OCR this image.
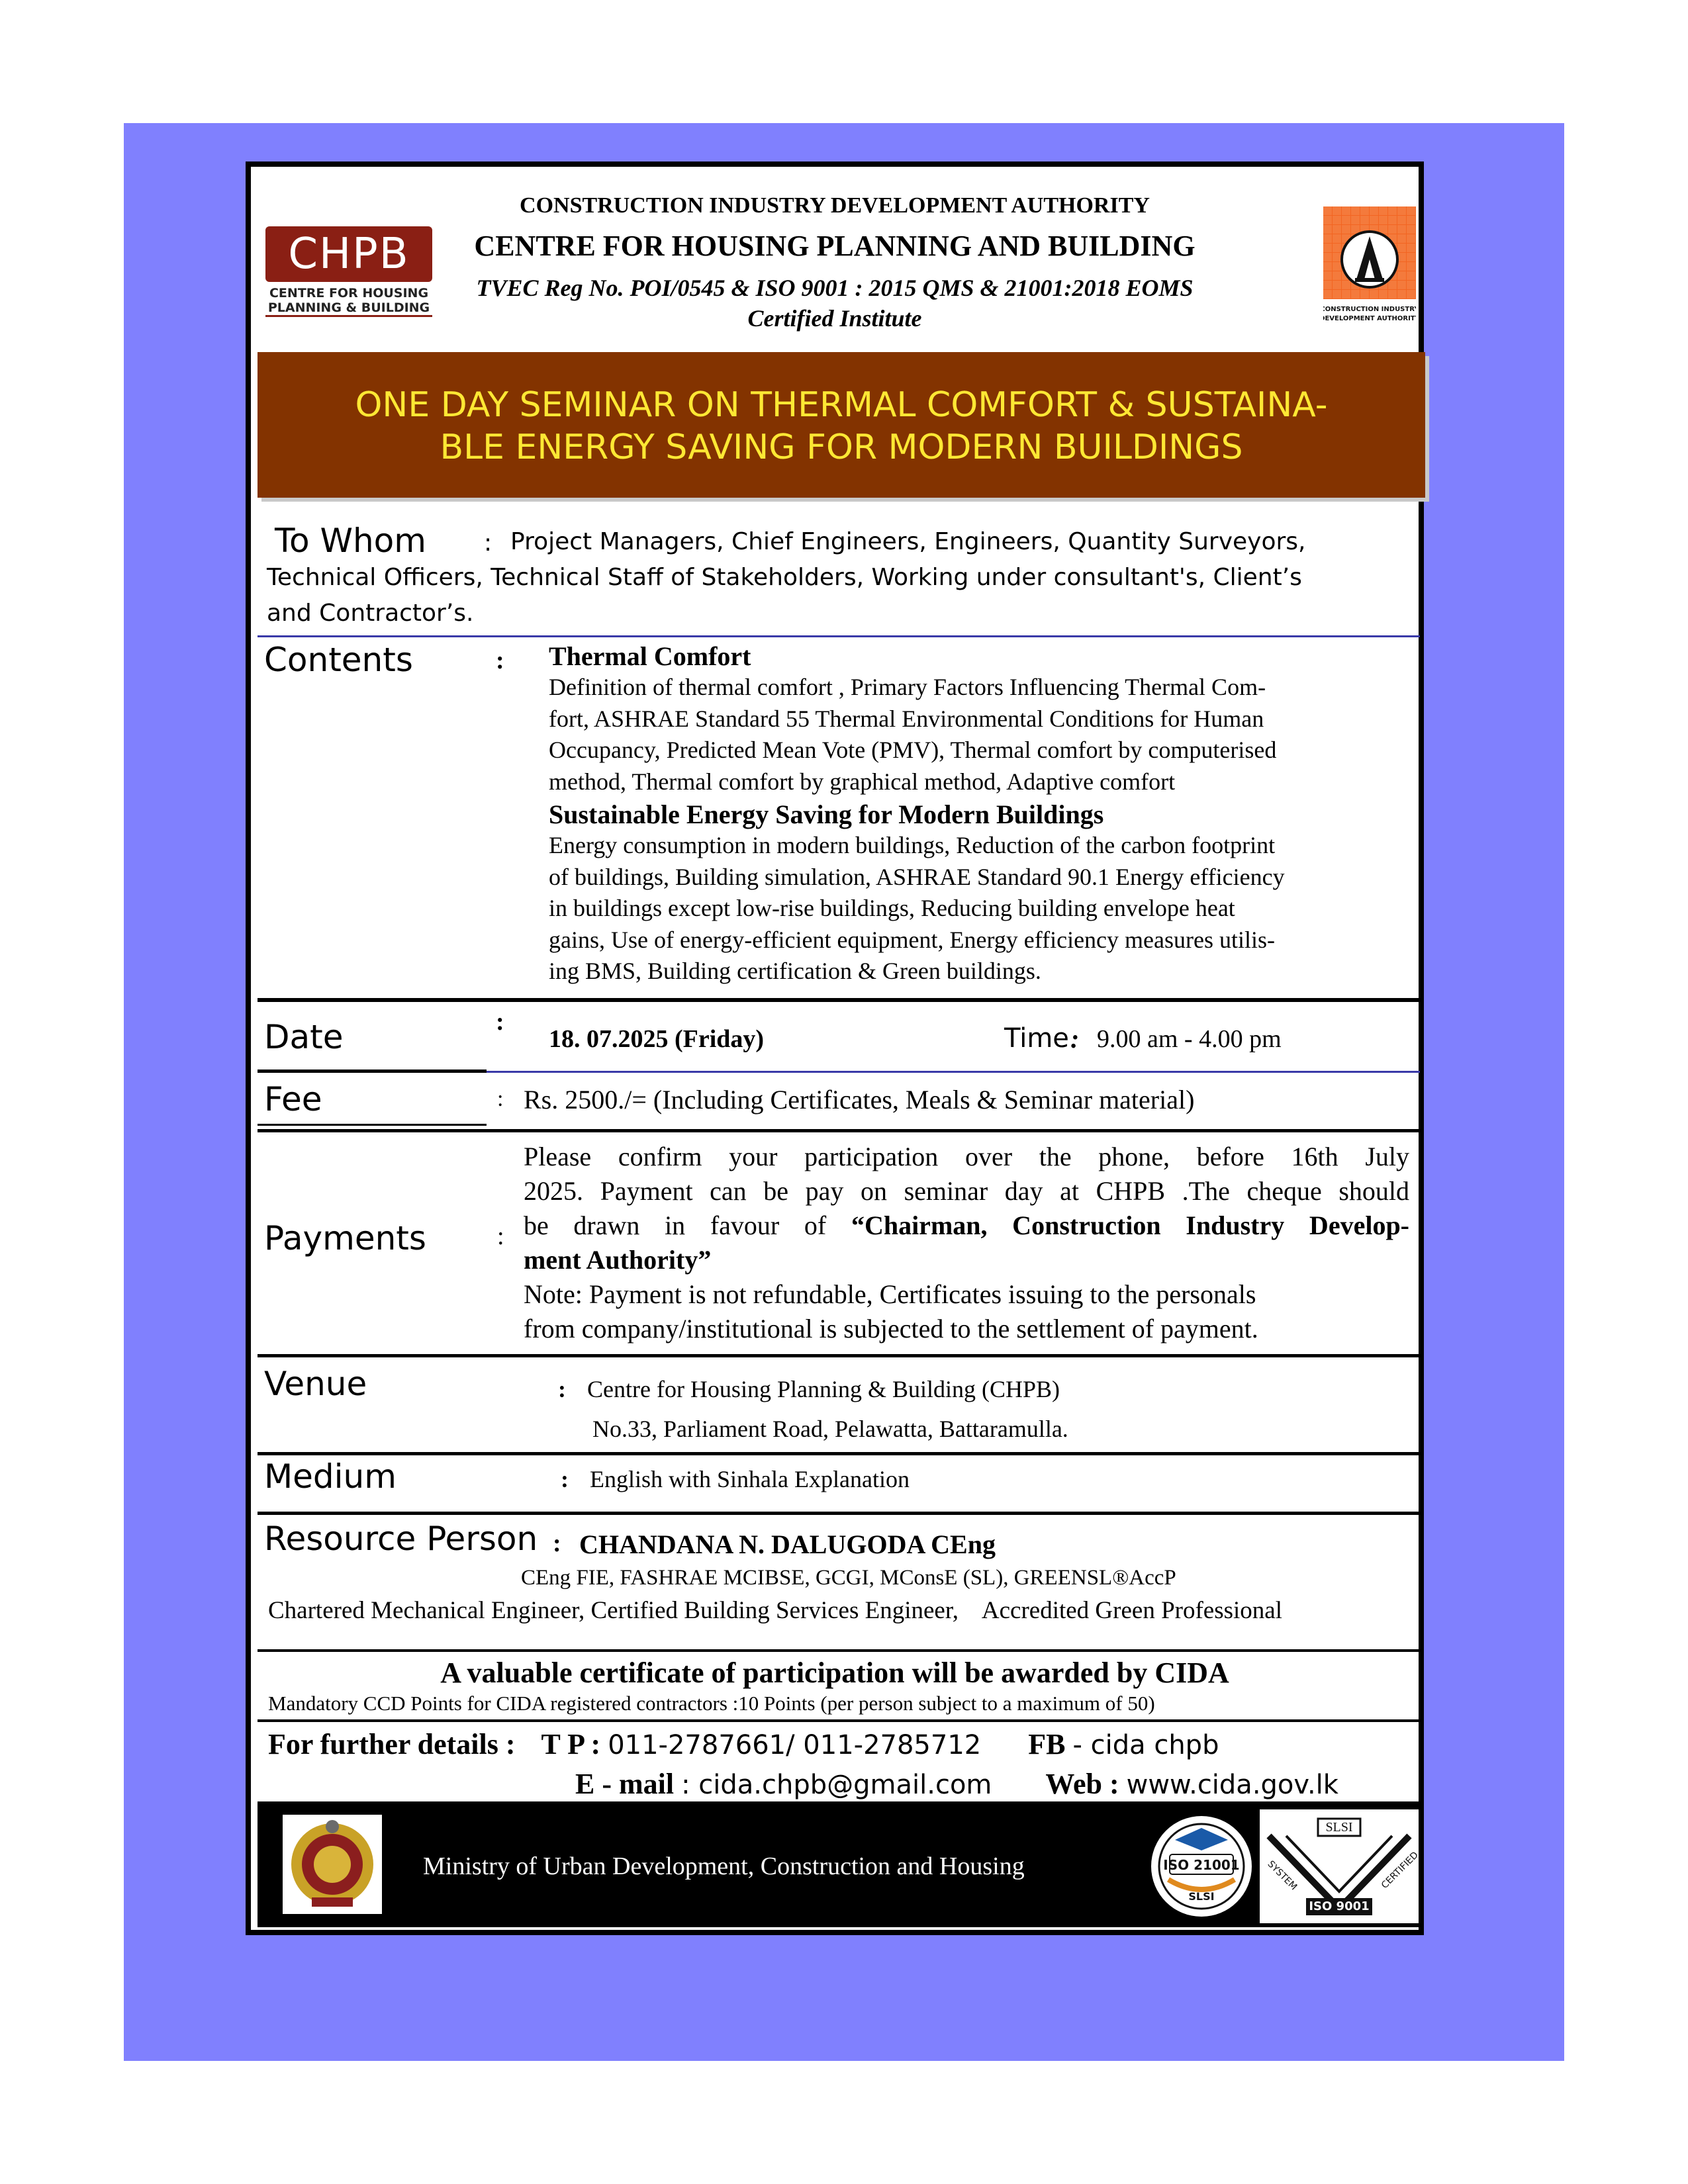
CHPB
CENTRE FOR HOUSING
PLANNING & BUILDING
CONSTRUCTION INDUSTRY DEVELOPMENT AUTHORITY
CENTRE FOR HOUSING PLANNING AND BUILDING
TVEC Reg No. POI/0545 & ISO 9001 : 2015 QMS & 21001:2018 EOMS
Certified Institute	CONSTRUCTION INDUSTRY
DEVELOPMENT AUTHORITY
ONE DAY SEMINAR ON THERMAL COMFORT & SUSTAINA-
BLE ENERGY SAVING FOR MODERN BUILDINGS
To Whom : Project Managers, Chief Engineers, Engineers, Quantity Surveyors,
Technical Officers, Technical Staff of Stakeholders, Working under consultant's, Client’s
and Contractor’s.
Contents	: Thermal Comfort
Definition of thermal comfort , Primary Factors Influencing Thermal Com-
fort, ASHRAE Standard 55 Thermal Environmental Conditions for Human
Occupancy, Predicted Mean Vote (PMV), Thermal comfort by computerised
method, Thermal comfort by graphical method, Adaptive comfort
Sustainable Energy Saving for Modern Buildings
Energy consumption in modern buildings, Reduction of the carbon footprint
of buildings, Building simulation, ASHRAE Standard 90.1 Energy efficiency
in buildings except low-rise buildings, Reducing building envelope heat
gains, Use of energy-efficient equipment, Energy efficiency measures utilis-
ing BMS, Building certification & Green buildings.
Date	:
18. 07.2025 (Friday)	Time : 9.00 am - 4.00 pm
Fee	: Rs. 2500./= (Including Certificates, Meals & Seminar material)
Payments	:
Please confirm your participation over the phone, before 16th July
2025. Payment can be pay on seminar day at CHPB .The cheque should
be drawn in favour of “Chairman, Construction Industry Develop-
ment Authority”
Note: Payment is not refundable, Certificates issuing to the personals
from company/institutional is subjected to the settlement of payment.
Venue	: Centre for Housing Planning & Building (CHPB)
No.33, Parliament Road, Pelawatta, Battaramulla.
Medium	: English with Sinhala Explanation
Resource Person : CHANDANA N. DALUGODA CEng
CEng FIE, FASHRAE MCIBSE, GCGI, MConsE (SL), GREENSL®AccP
Chartered Mechanical Engineer, Certified Building Services Engineer,    Accredited Green Professional
A valuable certificate of participation will be awarded by CIDA
Mandatory CCD Points for CIDA registered contractors :10 Points (per person subject to a maximum of 50)
For further details : T P : 011-2787661/ 011-2785712 FB - cida chpb
E - mail : cida.chpb@gmail.com Web : www.cida.gov.lk
Ministry of Urban Development, Construction and Housing	ISO 21001
SLSI
SLSI
ISO 9001
SYSTEM	CERTIFIED
